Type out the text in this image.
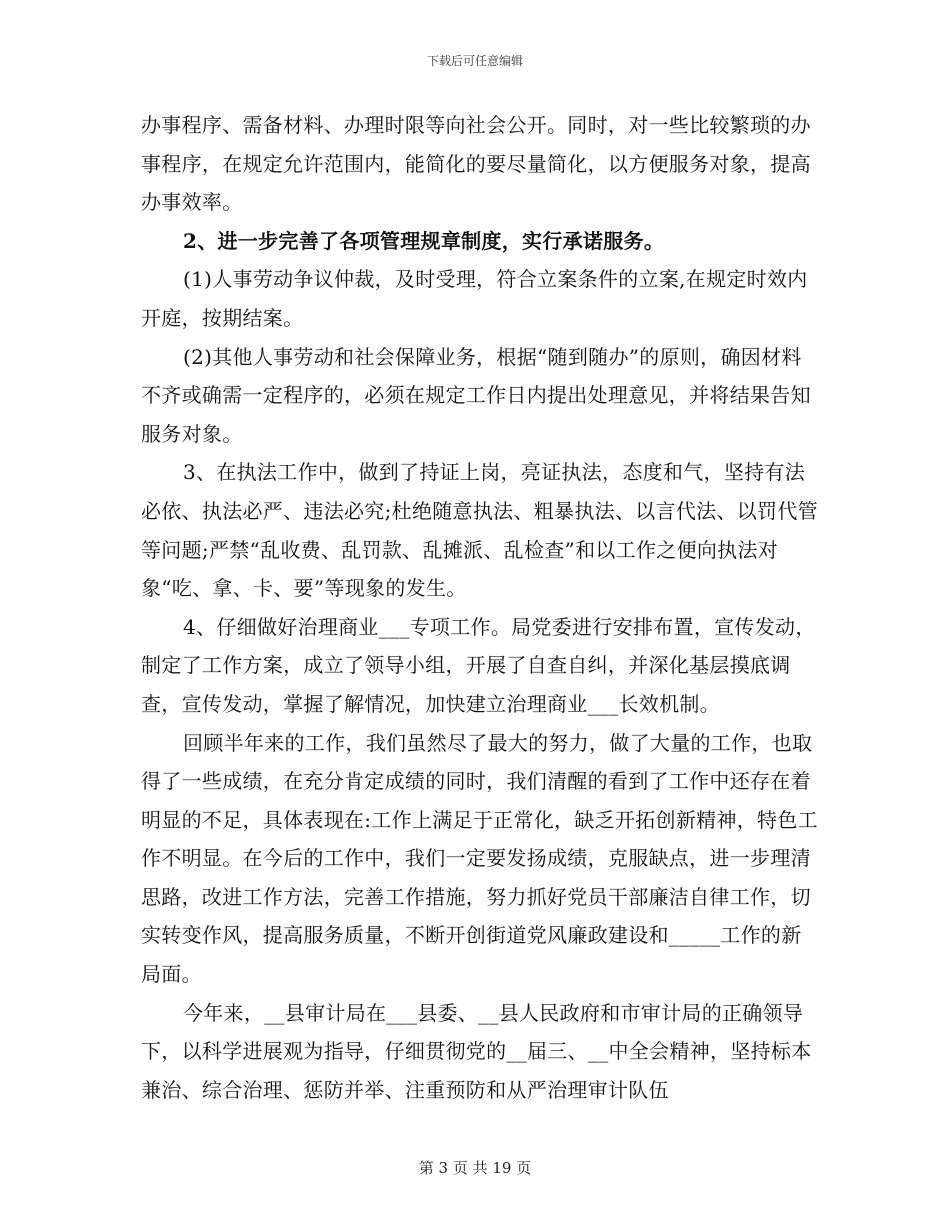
下载后可任意编辑

办事程序、需备材料、办理时限等向社会公开。同时，对一些比较繁琐的办事程序，在规定允许范围内，能简化的要尽量简化，以方便服务对象，提高办事效率。

2、进一步完善了各项管理规章制度，实行承诺服务。

(1)人事劳动争议仲裁，及时受理，符合立案条件的立案,在规定时效内开庭，按期结案。

(2)其他人事劳动和社会保障业务，根据“随到随办”的原则，确因材料不齐或确需一定程序的，必须在规定工作日内提出处理意见，并将结果告知服务对象。

3、在执法工作中，做到了持证上岗，亮证执法，态度和气，坚持有法必依、执法必严、违法必究;杜绝随意执法、粗暴执法、以言代法、以罚代管等问题;严禁“乱收费、乱罚款、乱摊派、乱检查”和以工作之便向执法对象“吃、拿、卡、要”等现象的发生。

4、仔细做好治理商业___专项工作。局党委进行安排布置，宣传发动，制定了工作方案，成立了领导小组，开展了自查自纠，并深化基层摸底调查，宣传发动，掌握了解情况，加快建立治理商业___长效机制。

回顾半年来的工作，我们虽然尽了最大的努力，做了大量的工作，也取得了一些成绩，在充分肯定成绩的同时，我们清醒的看到了工作中还存在着明显的不足，具体表现在:工作上满足于正常化，缺乏开拓创新精神，特色工作不明显。在今后的工作中，我们一定要发扬成绩，克服缺点，进一步理清思路，改进工作方法，完善工作措施，努力抓好党员干部廉洁自律工作，切实转变作风，提高服务质量，不断开创街道党风廉政建设和_____工作的新局面。

今年来，__县审计局在___县委、__县人民政府和市审计局的正确领导下，以科学进展观为指导，仔细贯彻党的__届三、__中全会精神，坚持标本兼治、综合治理、惩防并举、注重预防和从严治理审计队伍

第 3 页 共 19 页
